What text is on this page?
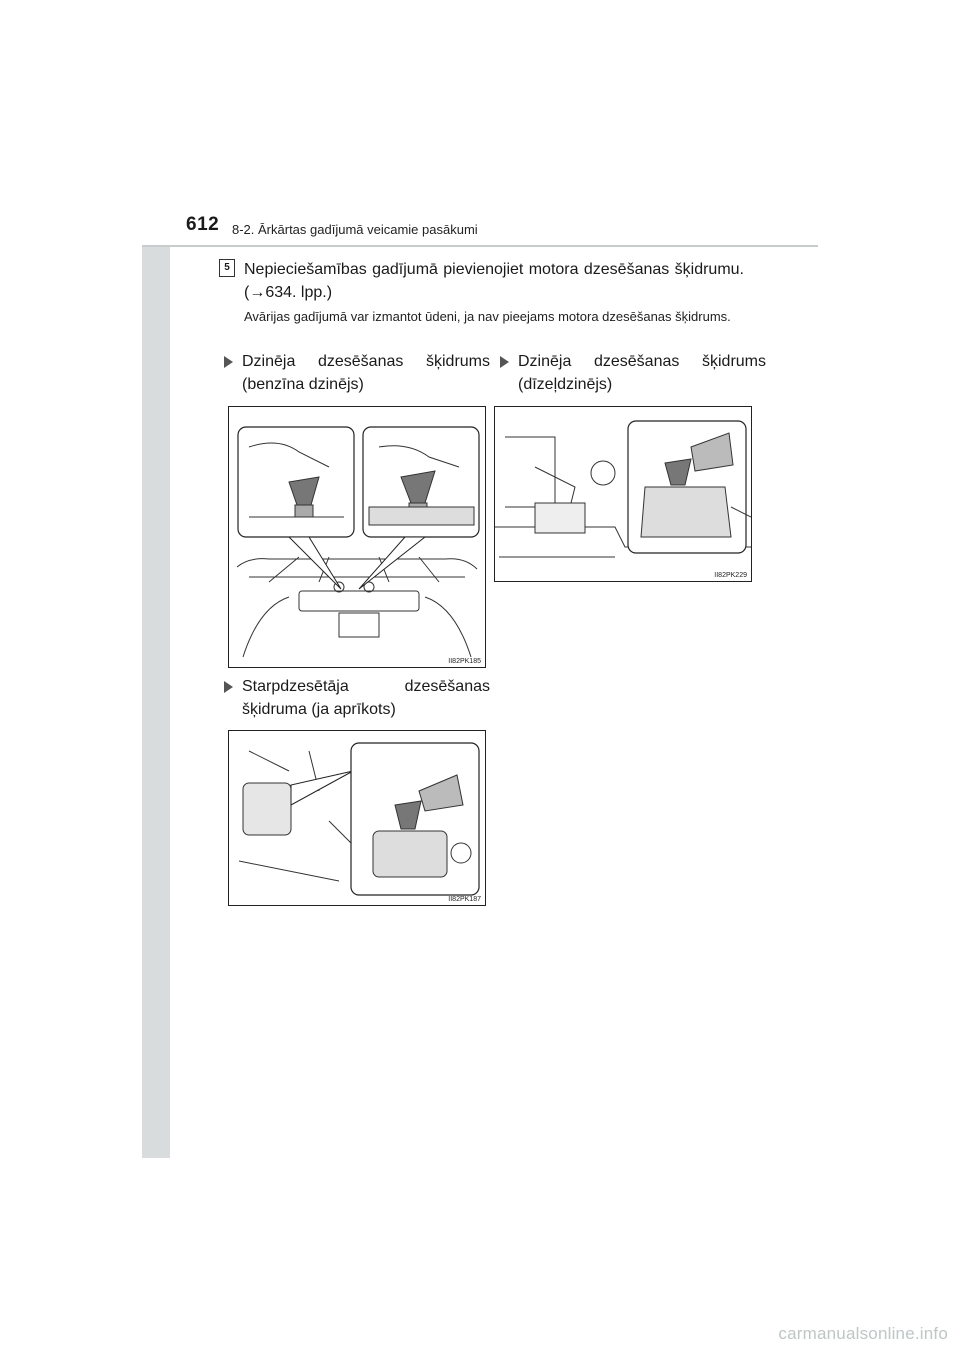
612 8-2. Ārkārtas gadījumā veicamie pasākumi
5 Nepieciešamības gadījumā pievienojiet motora dzesēšanas šķidrumu. (→634. lpp.)
Avārijas gadījumā var izmantot ūdeni, ja nav pieejams motora dzesēšanas šķidrums.
Dzinēja dzesēšanas šķidrums (benzīna dzinējs)
Dzinēja dzesēšanas šķidrums (dīzeļdzinējs)
Starpdzesētāja dzesēšanas šķidruma (ja aprīkots)
II82PK185
II82PK229
II82PK187
carmanualsonline.info
